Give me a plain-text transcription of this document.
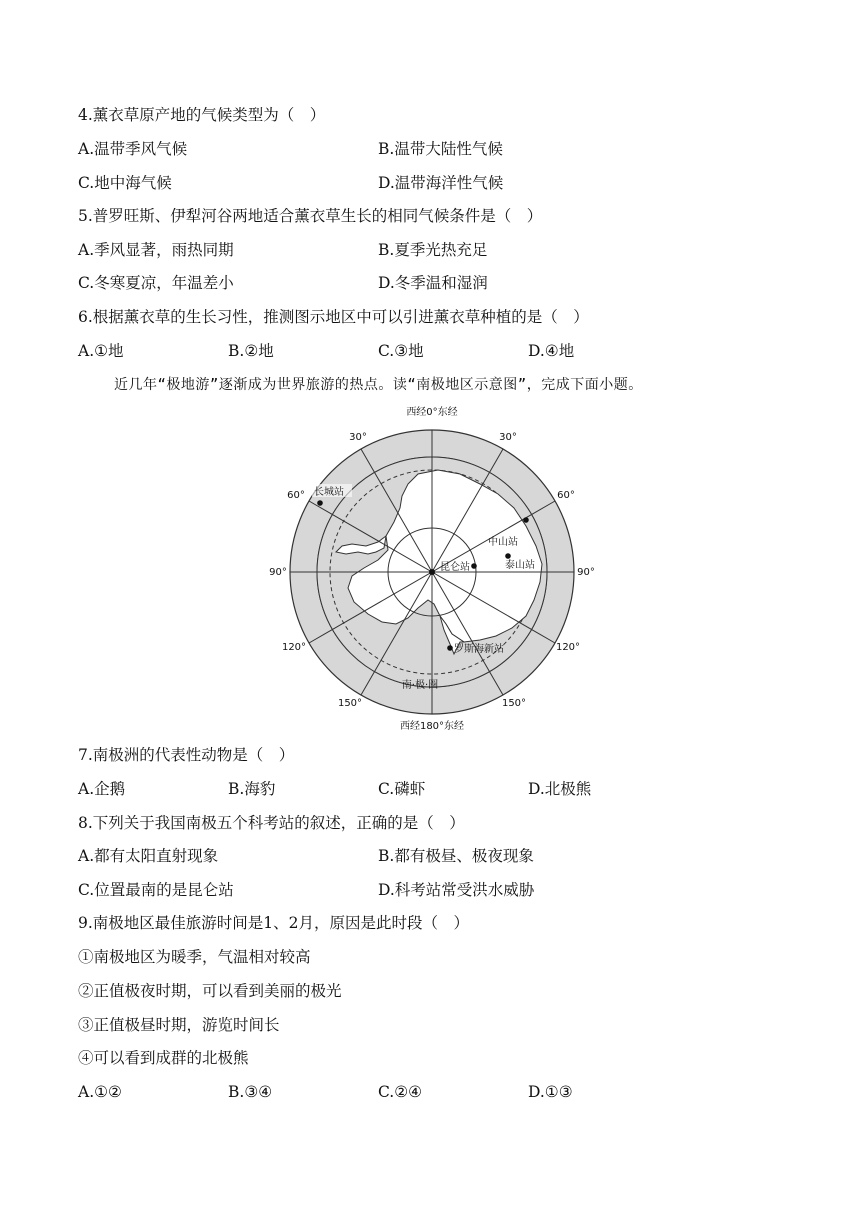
4.薰衣草原产地的气候类型为（　）
A.温带季风气候	B.温带大陆性气候
C.地中海气候	D.温带海洋性气候
5.普罗旺斯、伊犁河谷两地适合薰衣草生长的相同气候条件是（　）
A.季风显著，雨热同期	B.夏季光热充足
C.冬寒夏凉，年温差小	D.冬季温和湿润
6.根据薰衣草的生长习性，推测图示地区中可以引进薰衣草种植的是（　）
A.①地	B.②地	C.③地	D.④地
近几年“极地游”逐渐成为世界旅游的热点。读“南极地区示意图”，完成下面小题。
西经0°东经
西经180°东经
30°	30°
60°	60°
90°	90°
120°	120°
150°	150°
长城站
中山站
泰山站
昆仑站
罗斯海新站
南·极·圈
7.南极洲的代表性动物是（　）
A.企鹅	B.海豹	C.磷虾	D.北极熊
8.下列关于我国南极五个科考站的叙述，正确的是（　）
A.都有太阳直射现象	B.都有极昼、极夜现象
C.位置最南的是昆仑站	D.科考站常受洪水威胁
9.南极地区最佳旅游时间是1、2月，原因是此时段（　）
①南极地区为暖季，气温相对较高
②正值极夜时期，可以看到美丽的极光
③正值极昼时期，游览时间长
④可以看到成群的北极熊
A.①②	B.③④	C.②④	D.①③
